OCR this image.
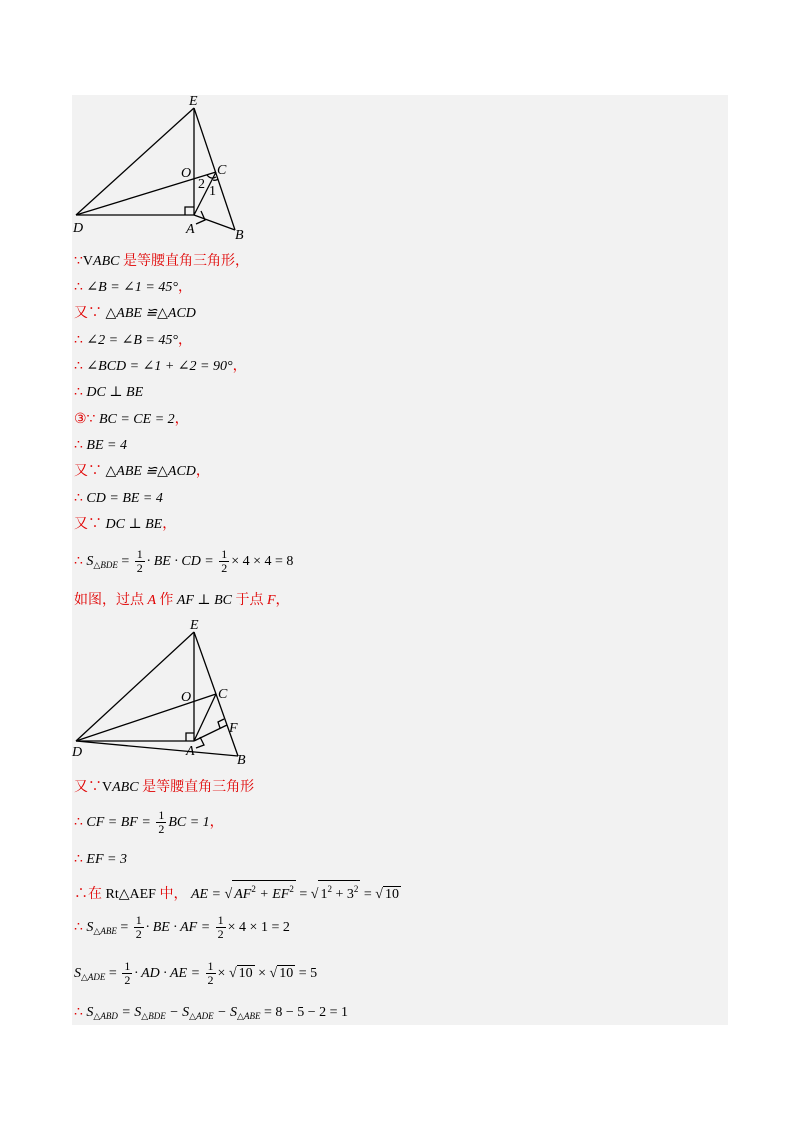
E
O C
2 1
D	A	B
∵VABC 是等腰直角三角形，
∴ ∠B = ∠1 = 45°，
又∵ △ABE ≌△ACD
∴ ∠2 = ∠B = 45°，
∴ ∠BCD = ∠1 + ∠2 = 90°，
∴ DC ⊥ BE
③∵ BC = CE = 2，
∴ BE = 4
又∵ △ABE ≌△ACD，
∴ CD = BE = 4
又∵ DC ⊥ BE，
∴ $S_{\triangle BDE} = \frac{1}{2}$ · BE · CD = $\frac{1}{2} \times 4 \times 4 = 8$
如图，过点 A 作 AF ⊥ BC 于点 F，
E
O C
F
D	A
B
又∵VABC 是等腰直角三角形
∴ CF = BF = $\frac{1}{2}$ BC = 1，
∴ EF = 3
∴在 Rt△AEF 中， AE = √ $AF^2 + EF^2$ = √ $1^2 + 3^2$ = √ 10
∴ $S_{\triangle ABE} = \frac{1}{2}$ · BE · AF = $\frac{1}{2} \times 4 \times 1 = 2$
$S_{\triangle ADE} = \frac{1}{2}$ · AD · AE = $\frac{1}{2}$ × √ 10 × √ 10 = 5
∴ $S_{\triangle ABD} = S_{\triangle BDE} - S_{\triangle ADE} - S_{\triangle ABE} = 8 - 5 - 2 = 1$
